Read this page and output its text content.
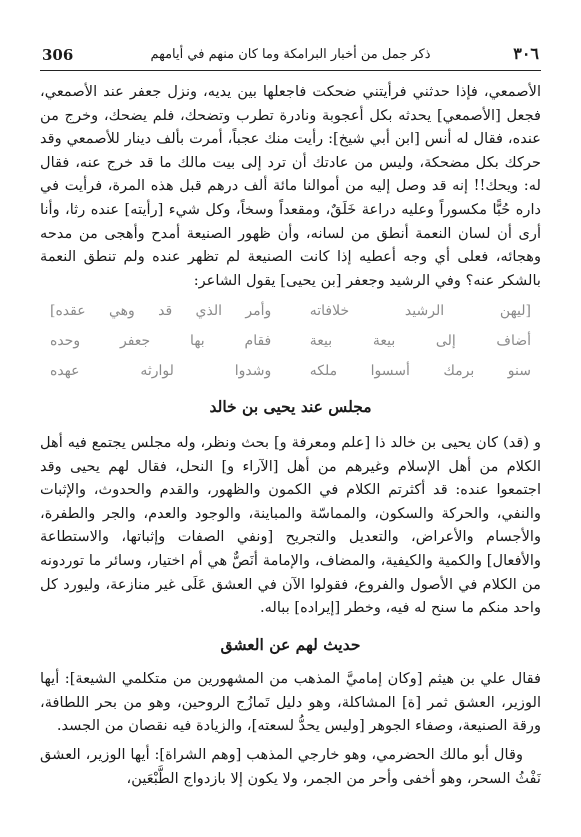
306	ذكر جمل من أخبار البرامكة وما كان منهم في أيامهم	٣٠٦
الأصمعي، فإذا حدثني فرأيتني ضحكت فاجعلها بين يديه، ونزل جعفر عند الأصمعي، فجعل [الأصمعي] يحدثه بكل أعجوبة ونادرة تطرب وتضحك، فلم يضحك، وخرج من عنده، فقال له أنس [ابن أبي شيخ]: رأيت منك عجباً، أمرت بألف دينار للأصمعي وقد حركك بكل مضحكة، وليس من عادتك أن ترد إلى بيت مالك ما قد خرج عنه، فقال له: ويحك!! إنه قد وصل إليه من أموالنا مائة ألف درهم قبل هذه المرة، فرأيت في داره حُبًّا مكسوراً وعليه دراعة خَلَقٌ، ومقعداً وسخاً، وكل شيء [رأيته] عنده رثا، وأنا أرى أن لسان النعمة أنطق من لسانه، وأن ظهور الصنيعة أمدح وأهجى من مدحه وهجائه، فعلى أي وجه أعطيه إذا كانت الصنيعة لم تظهر عنده ولم تنطق النعمة بالشكر عنه؟ وفي الرشيد وجعفر [بن يحيى] يقول الشاعر:
[ليهن الرشيد خلافاته
وأمر الذي قد وهي عقده]
أضاف إلى بيعة بيعة
فقام بها جعفر وحده
سنو برمك أسسوا ملكه
وشدوا لوارثه عهده
مجلس عند يحيى بن خالد
و (قد) كان يحيى بن خالد ذا [علم ومعرفة و] بحث ونظر، وله مجلس يجتمع فيه أهل الكلام من أهل الإسلام وغيرهم من أهل [الآراء و] النحل، فقال لهم يحيى وقد اجتمعوا عنده: قد أكثرتم الكلام في الكمون والظهور، والقدم والحدوث، والإثبات والنفي، والحركة والسكون، والمماسّة والمباينة، والوجود والعدم، والجر والطفرة، والأجسام والأعراض، والتعديل والتجريح [ونفي الصفات وإثباتها، والاستطاعة والأفعال] والكمية والكيفية، والمضاف، والإمامة أنَصٌّ هي أم اختيار، وسائر ما توردونه من الكلام في الأصول والفروع، فقولوا الآن في العشق عَلَى غير منازعة، وليورد كل واحد منكم ما سنح له فيه، وخطر [إيراده] بباله.
حديث لهم عن العشق
فقال علي بن هيثم [وكان إماميَّ المذهب من المشهورين من متكلمي الشيعة]: أيها الوزير، العشق ثمر [ة] المشاكلة، وهو دليل تَمازُج الروحين، وهو من بحر اللطافة، ورقة الصنيعة، وصفاء الجوهر [وليس يحدُّ لسعته]، والزيادة فيه نقصان من الجسد.
وقال أبو مالك الحضرمي، وهو خارجي المذهب [وهم الشراة]: أيها الوزير، العشق نَفْثُ السحر، وهو أخفى وأحر من الجمر، ولا يكون إلا بازدواج الطَّبْعَين،
